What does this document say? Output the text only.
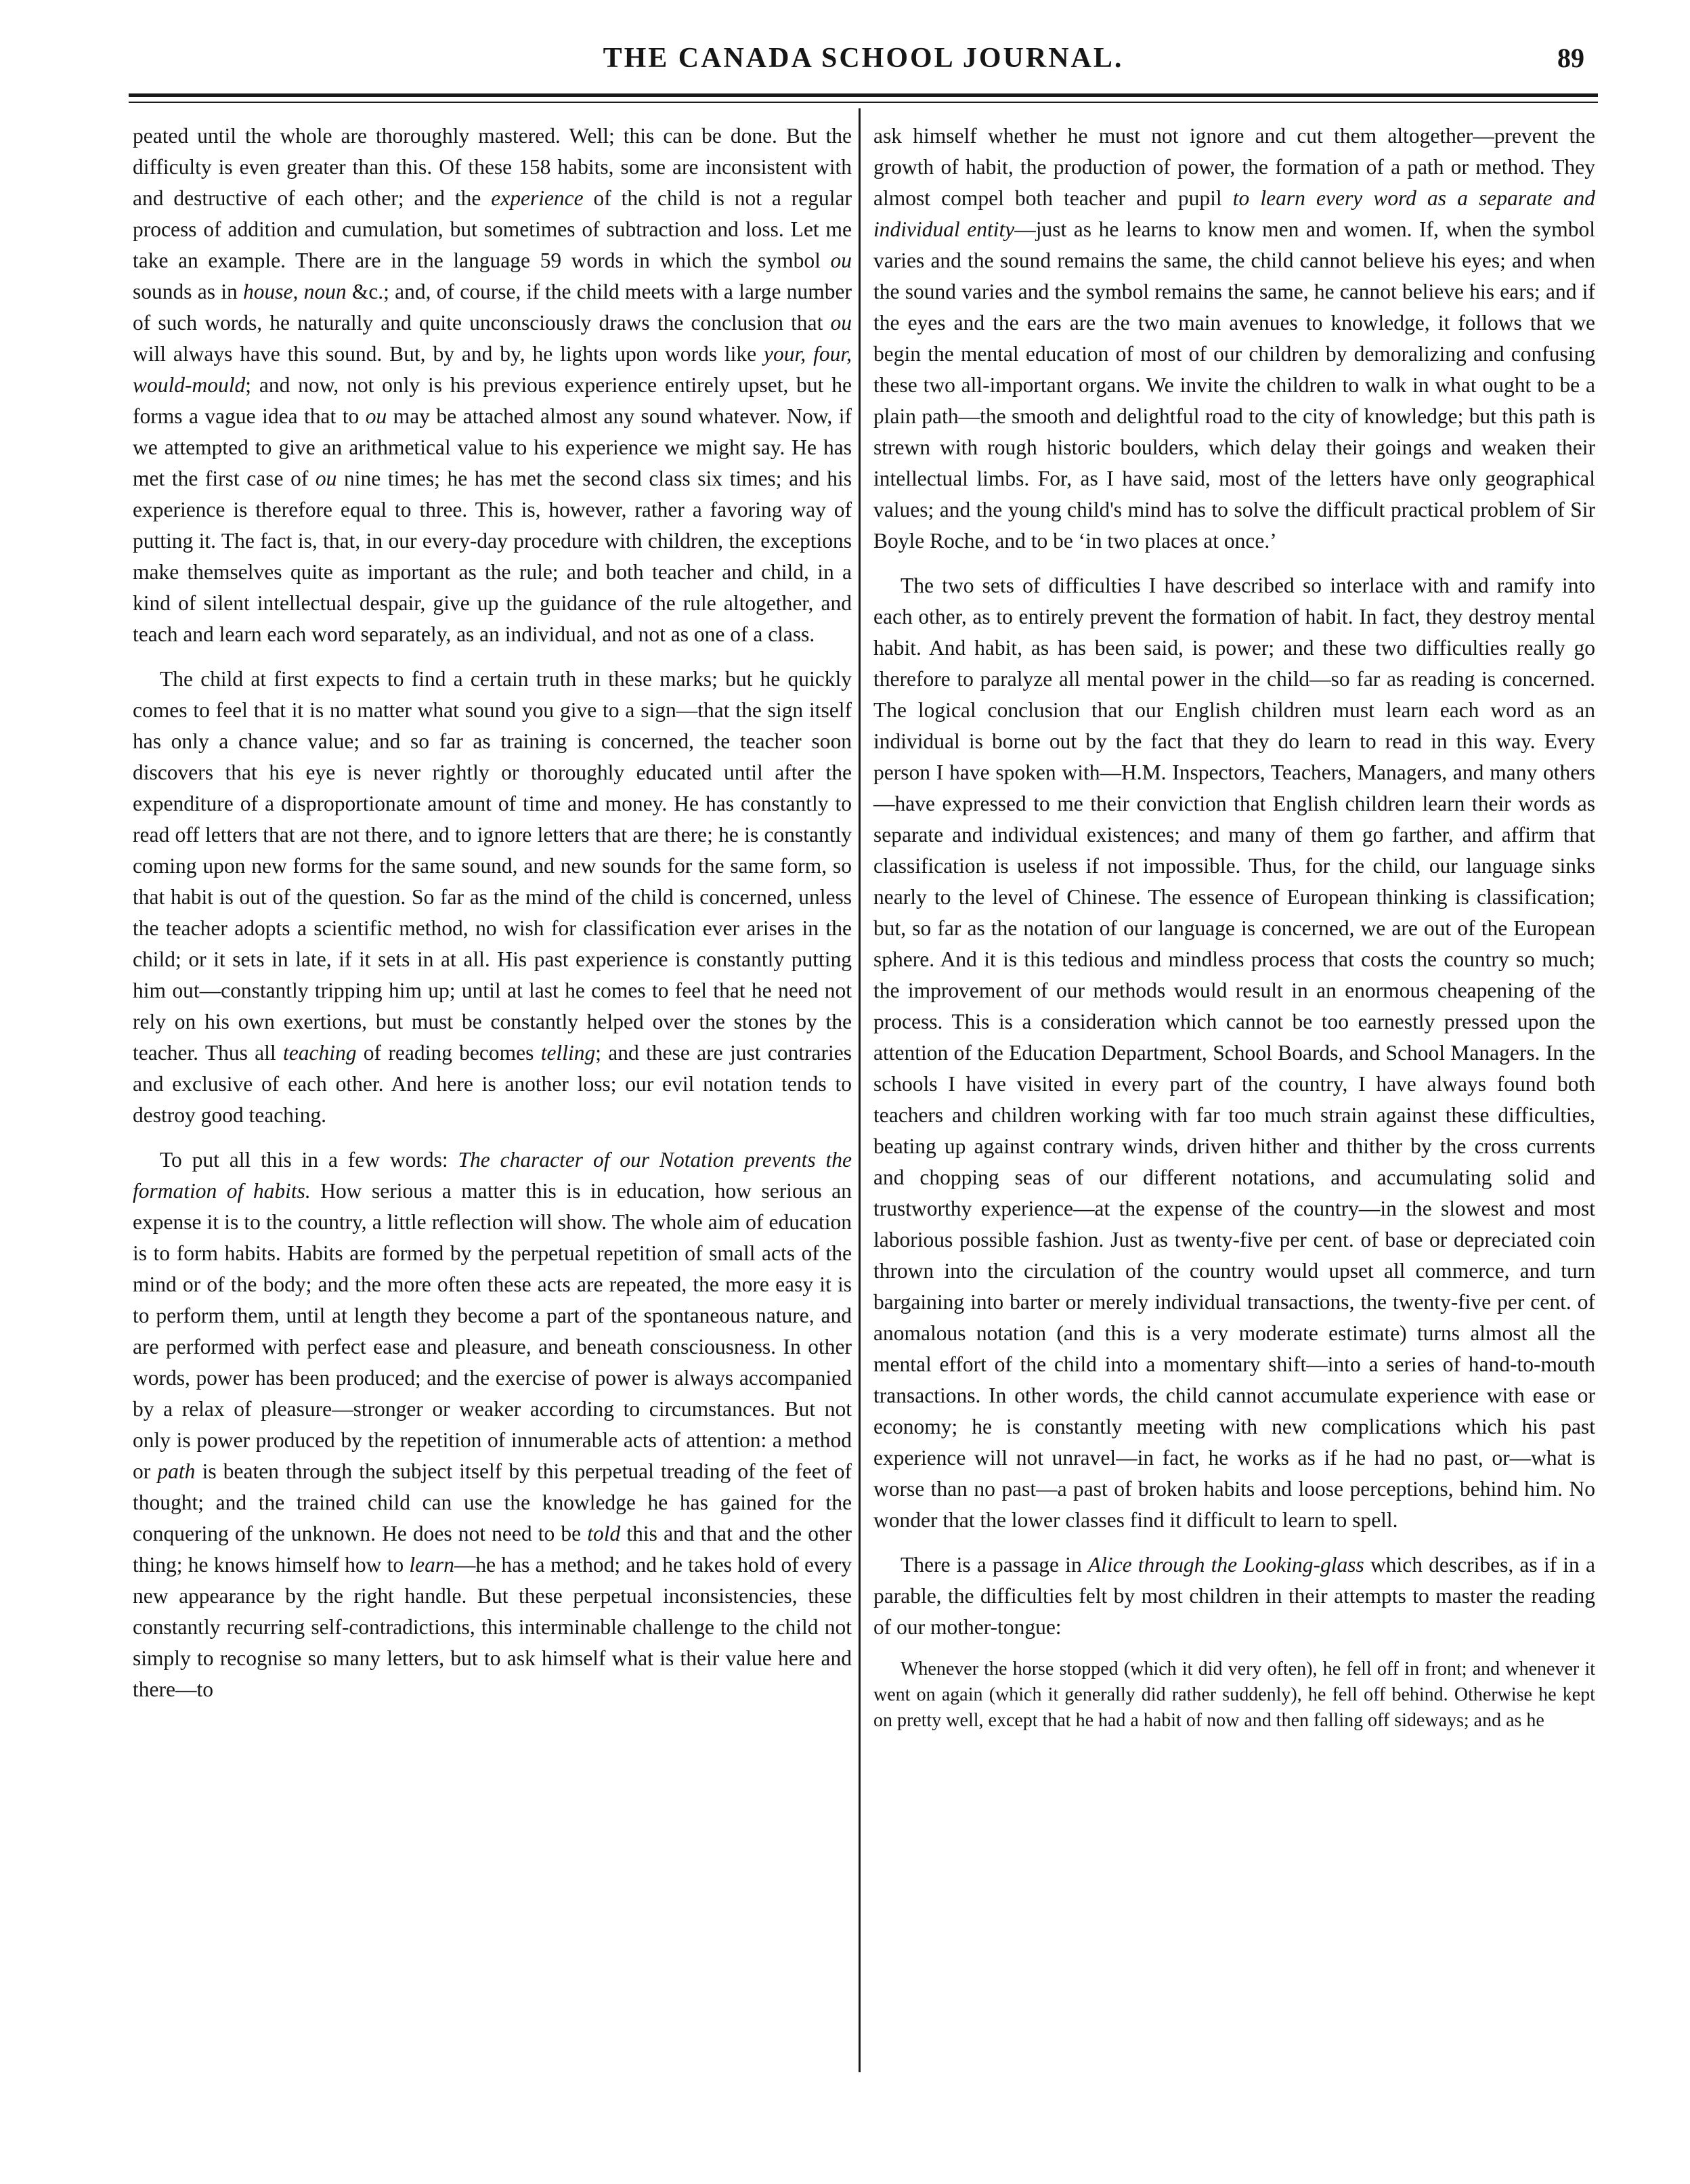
THE CANADA SCHOOL JOURNAL.	89

peated until the whole are thoroughly mastered. Well; this can be done. But the difficulty is even greater than this. Of these 158 habits, some are inconsistent with and destructive of each other; and the experience of the child is not a regular process of addition and cumulation, but sometimes of subtraction and loss. Let me take an example. There are in the language 59 words in which the symbol ou sounds as in house, noun &c.; and, of course, if the child meets with a large number of such words, he naturally and quite unconsciously draws the conclusion that ou will always have this sound. But, by and by, he lights upon words like your, four, would-mould; and now, not only is his previous experience entirely upset, but he forms a vague idea that to ou may be attached almost any sound whatever. Now, if we attempted to give an arithmetical value to his experience we might say. He has met the first case of ou nine times; he has met the second class six times; and his experience is therefore equal to three. This is, however, rather a favoring way of putting it. The fact is, that, in our every-day procedure with children, the exceptions make themselves quite as important as the rule; and both teacher and child, in a kind of silent intellectual despair, give up the guidance of the rule altogether, and teach and learn each word separately, as an individual, and not as one of a class.

The child at first expects to find a certain truth in these marks; but he quickly comes to feel that it is no matter what sound you give to a sign—that the sign itself has only a chance value; and so far as training is concerned, the teacher soon discovers that his eye is never rightly or thoroughly educated until after the expenditure of a disproportionate amount of time and money. He has constantly to read off letters that are not there, and to ignore letters that are there; he is constantly coming upon new forms for the same sound, and new sounds for the same form, so that habit is out of the question. So far as the mind of the child is concerned, unless the teacher adopts a scientific method, no wish for classification ever arises in the child; or it sets in late, if it sets in at all. His past experience is constantly putting him out—constantly tripping him up; until at last he comes to feel that he need not rely on his own exertions, but must be constantly helped over the stones by the teacher. Thus all teaching of reading becomes telling; and these are just contraries and exclusive of each other. And here is another loss; our evil notation tends to destroy good teaching.

To put all this in a few words: The character of our Notation prevents the formation of habits. How serious a matter this is in education, how serious an expense it is to the country, a little reflection will show. The whole aim of education is to form habits. Habits are formed by the perpetual repetition of small acts of the mind or of the body; and the more often these acts are repeated, the more easy it is to perform them, until at length they become a part of the spontaneous nature, and are performed with perfect ease and pleasure, and beneath consciousness. In other words, power has been produced; and the exercise of power is always accompanied by a relax of pleasure—stronger or weaker according to circumstances. But not only is power produced by the repetition of innumerable acts of attention: a method or path is beaten through the subject itself by this perpetual treading of the feet of thought; and the trained child can use the knowledge he has gained for the conquering of the unknown. He does not need to be told this and that and the other thing; he knows himself how to learn—he has a method; and he takes hold of every new appearance by the right handle. But these perpetual inconsistencies, these constantly recurring self-contradictions, this interminable challenge to the child not simply to recognise so many letters, but to ask himself what is their value here and there—to

ask himself whether he must not ignore and cut them altogether—prevent the growth of habit, the production of power, the formation of a path or method. They almost compel both teacher and pupil to learn every word as a separate and individual entity—just as he learns to know men and women. If, when the symbol varies and the sound remains the same, the child cannot believe his eyes; and when the sound varies and the symbol remains the same, he cannot believe his ears; and if the eyes and the ears are the two main avenues to knowledge, it follows that we begin the mental education of most of our children by demoralizing and confusing these two all-important organs. We invite the children to walk in what ought to be a plain path—the smooth and delightful road to the city of knowledge; but this path is strewn with rough historic boulders, which delay their goings and weaken their intellectual limbs. For, as I have said, most of the letters have only geographical values; and the young child's mind has to solve the difficult practical problem of Sir Boyle Roche, and to be ‘in two places at once.’

The two sets of difficulties I have described so interlace with and ramify into each other, as to entirely prevent the formation of habit. In fact, they destroy mental habit. And habit, as has been said, is power; and these two difficulties really go therefore to paralyze all mental power in the child—so far as reading is concerned. The logical conclusion that our English children must learn each word as an individual is borne out by the fact that they do learn to read in this way. Every person I have spoken with—H.M. Inspectors, Teachers, Managers, and many others—have expressed to me their conviction that English children learn their words as separate and individual existences; and many of them go farther, and affirm that classification is useless if not impossible. Thus, for the child, our language sinks nearly to the level of Chinese. The essence of European thinking is classification; but, so far as the notation of our language is concerned, we are out of the European sphere. And it is this tedious and mindless process that costs the country so much; the improvement of our methods would result in an enormous cheapening of the process. This is a consideration which cannot be too earnestly pressed upon the attention of the Education Department, School Boards, and School Managers. In the schools I have visited in every part of the country, I have always found both teachers and children working with far too much strain against these difficulties, beating up against contrary winds, driven hither and thither by the cross currents and chopping seas of our different notations, and accumulating solid and trustworthy experience—at the expense of the country—in the slowest and most laborious possible fashion. Just as twenty-five per cent. of base or depreciated coin thrown into the circulation of the country would upset all commerce, and turn bargaining into barter or merely individual transactions, the twenty-five per cent. of anomalous notation (and this is a very moderate estimate) turns almost all the mental effort of the child into a momentary shift—into a series of hand-to-mouth transactions. In other words, the child cannot accumulate experience with ease or economy; he is constantly meeting with new complications which his past experience will not unravel—in fact, he works as if he had no past, or—what is worse than no past—a past of broken habits and loose perceptions, behind him. No wonder that the lower classes find it difficult to learn to spell.

There is a passage in Alice through the Looking-glass which describes, as if in a parable, the difficulties felt by most children in their attempts to master the reading of our mother-tongue:

Whenever the horse stopped (which it did very often), he fell off in front; and whenever it went on again (which it generally did rather suddenly), he fell off behind. Otherwise he kept on pretty well, except that he had a habit of now and then falling off sideways; and as he
